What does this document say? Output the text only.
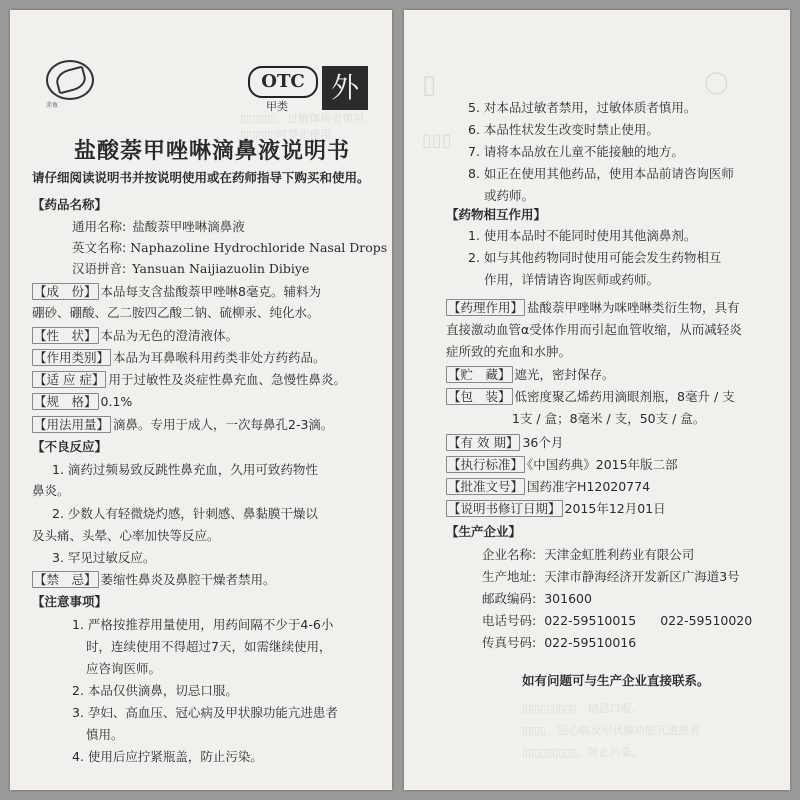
▯▯▯▯▯▯，过敏体质者慎用。
▯▯▯▯▯▯时禁止使用。
赤鱼
OTC
甲类
外
盐酸萘甲唑啉滴鼻液说明书
请仔细阅读说明书并按说明使用或在药师指导下购买和使用。
【药品名称】
通用名称: 盐酸萘甲唑啉滴鼻液
英文名称: Naphazoline Hydrochloride Nasal Drops
汉语拼音: Yansuan Naijiazuolin Dibiye
【成　份】 本品每支含盐酸萘甲唑啉8毫克。辅料为
硼砂、硼酸、乙二胺四乙酸二钠、硫柳汞、纯化水。
【性　状】 本品为无色的澄清液体。
【作用类别】 本品为耳鼻喉科用药类非处方药药品。
【适 应 症】 用于过敏性及炎症性鼻充血、急慢性鼻炎。
【规　格】 0.1%
【用法用量】 滴鼻。专用于成人，一次每鼻孔2-3滴。
【不良反应】
1. 滴药过频易致反跳性鼻充血，久用可致药物性
鼻炎。
2. 少数人有轻微烧灼感，针刺感、鼻黏膜干燥以
及头痛、头晕、心率加快等反应。
3. 罕见过敏反应。
【禁　忌】 萎缩性鼻炎及鼻腔干燥者禁用。
【注意事项】
1. 严格按推荐用量使用，用药间隔不少于4-6小
时，连续使用不得超过7天，如需继续使用，
应咨询医师。
2. 本品仅供滴鼻，切忌口服。
3. 孕妇、高血压、冠心病及甲状腺功能亢进患者
慎用。
4. 使用后应拧紧瓶盖，防止污染。
▯	◯
▯▯▯
5. 对本品过敏者禁用，过敏体质者慎用。
6. 本品性状发生改变时禁止使用。
7. 请将本品放在儿童不能接触的地方。
8. 如正在使用其他药品，使用本品前请咨询医师
或药师。
【药物相互作用】
1. 使用本品时不能同时使用其他滴鼻剂。
2. 如与其他药物同时使用可能会发生药物相互
作用，详情请咨询医师或药师。
【药理作用】 盐酸萘甲唑啉为咪唑啉类衍生物，具有
直接激动血管α受体作用而引起血管收缩，从而减轻炎
症所致的充血和水肿。
【贮　藏】 遮光，密封保存。
【包　装】 低密度聚乙烯药用滴眼剂瓶，8毫升 / 支
1支 / 盒；8毫米 / 支，50支 / 盒。
【有 效 期】 36个月
【执行标准】 《中国药典》2015年版二部
【批准文号】 国药准字H12020774
【说明书修订日期】 2015年12月01日
【生产企业】
企业名称: 天津金虹胜利药业有限公司
生产地址: 天津市静海经济开发新区广海道3号
邮政编码: 301600
电话号码: 022-59510015 022-59510020
传真号码: 022-59510016
如有问题可与生产企业直接联系。
▯▯▯▯▯▯▯▯▯，切忌口服。
▯▯▯▯、冠心病及甲状腺功能亢进患者
▯▯▯▯▯▯▯▯▯，防止污染。
